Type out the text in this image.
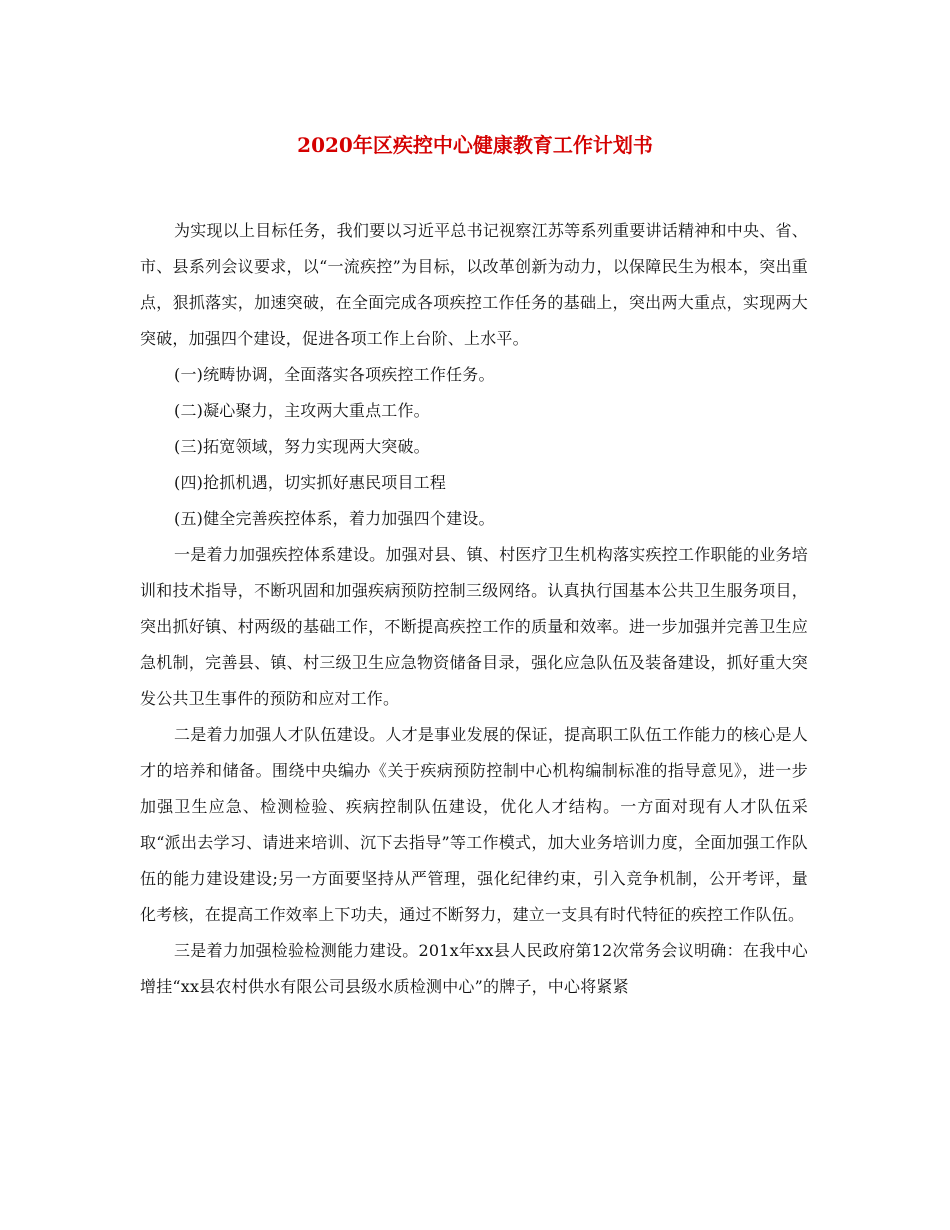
2020年区疾控中心健康教育工作计划书

为实现以上目标任务，我们要以习近平总书记视察江苏等系列重要讲话精神和中央、省、市、县系列会议要求，以“一流疾控”为目标，以改革创新为动力，以保障民生为根本，突出重点，狠抓落实，加速突破，在全面完成各项疾控工作任务的基础上，突出两大重点，实现两大突破，加强四个建设，促进各项工作上台阶、上水平。

(一)统畴协调，全面落实各项疾控工作任务。

(二)凝心聚力，主攻两大重点工作。

(三)拓宽领域，努力实现两大突破。

(四)抢抓机遇，切实抓好惠民项目工程

(五)健全完善疾控体系，着力加强四个建设。

一是着力加强疾控体系建设。加强对县、镇、村医疗卫生机构落实疾控工作职能的业务培训和技术指导，不断巩固和加强疾病预防控制三级网络。认真执行国基本公共卫生服务项目，突出抓好镇、村两级的基础工作，不断提高疾控工作的质量和效率。进一步加强并完善卫生应急机制，完善县、镇、村三级卫生应急物资储备目录，强化应急队伍及装备建设，抓好重大突发公共卫生事件的预防和应对工作。

二是着力加强人才队伍建设。人才是事业发展的保证，提高职工队伍工作能力的核心是人才的培养和储备。围绕中央编办《关于疾病预防控制中心机构编制标准的指导意见》，进一步加强卫生应急、检测检验、疾病控制队伍建设，优化人才结构。一方面对现有人才队伍采取“派出去学习、请进来培训、沉下去指导”等工作模式，加大业务培训力度，全面加强工作队伍的能力建设建设;另一方面要坚持从严管理，强化纪律约束，引入竞争机制，公开考评，量化考核，在提高工作效率上下功夫，通过不断努力，建立一支具有时代特征的疾控工作队伍。

三是着力加强检验检测能力建设。201x年xx县人民政府第12次常务会议明确：在我中心增挂“xx县农村供水有限公司县级水质检测中心”的牌子，中心将紧紧
